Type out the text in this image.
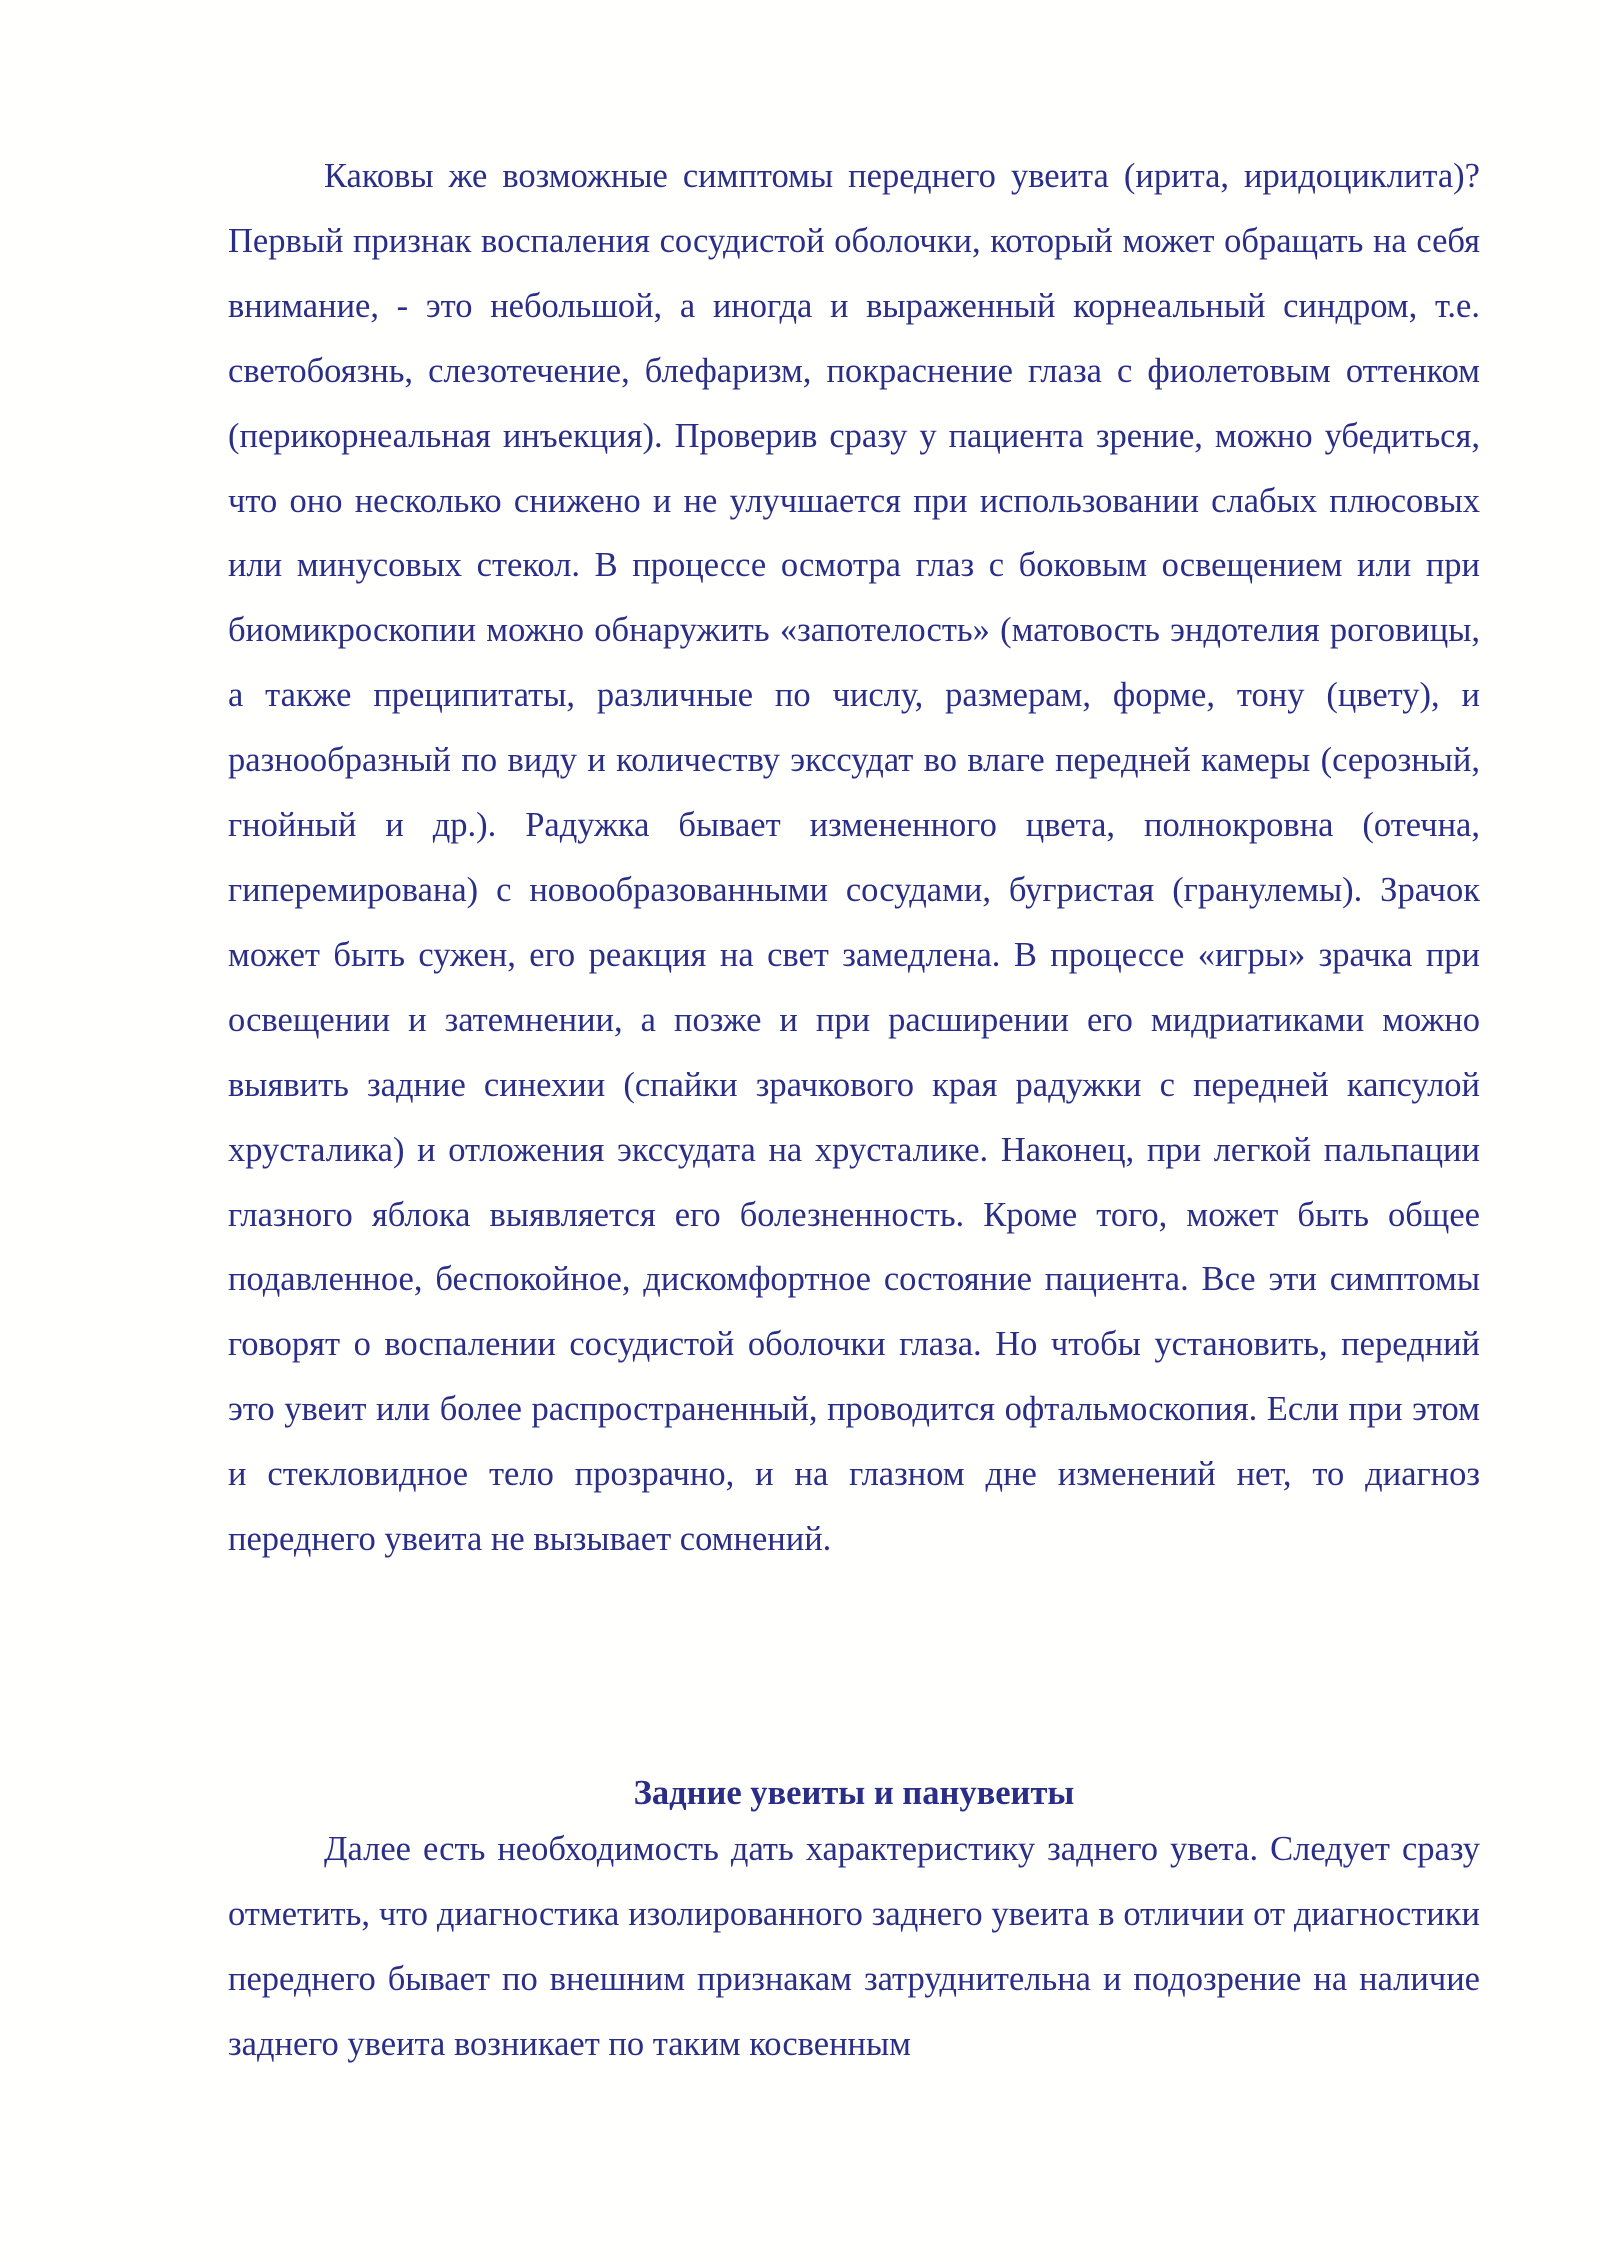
Каковы же возможные симптомы переднего увеита (ирита, иридоциклита)? Первый признак воспаления сосудистой оболочки, который может обращать на себя внимание, - это небольшой, а иногда и выраженный корнеальный синдром, т.е. светобоязнь, слезотечение, блефаризм, покраснение глаза с фиолетовым оттенком (перикорнеальная инъекция). Проверив сразу у пациента зрение, можно убедиться, что оно несколько снижено и не улучшается при использовании слабых плюсовых или минусовых стекол. В процессе осмотра глаз с боковым освещением или при биомикроскопии можно обнаружить «запотелость» (матовость эндотелия роговицы, а также преципитаты, различные по числу, размерам, форме, тону (цвету), и разнообразный по виду и количеству экссудат во влаге передней камеры (серозный, гнойный и др.). Радужка бывает измененного цвета, полнокровна (отечна, гиперемирована) с новообразованными сосудами, бугристая (гранулемы). Зрачок может быть сужен, его реакция на свет замедлена. В процессе «игры» зрачка при освещении и затемнении, а позже и при расширении его мидриатиками можно выявить задние синехии (спайки зрачкового края радужки с передней капсулой хрусталика) и отложения экссудата на хрусталике. Наконец, при легкой пальпации глазного яблока выявляется его болезненность. Кроме того, может быть общее подавленное, беспокойное, дискомфортное состояние пациента. Все эти симптомы говорят о воспалении сосудистой оболочки глаза. Но чтобы установить, передний это увеит или более распространенный, проводится офтальмоскопия. Если при этом и стекловидное тело прозрачно, и на глазном дне изменений нет, то диагноз переднего увеита не вызывает сомнений.

Задние увеиты и панувеиты

Далее есть необходимость дать характеристику заднего увета. Следует сразу отметить, что диагностика изолированного заднего увеита в отличии от диагностики переднего бывает по внешним признакам затруднительна и подозрение на наличие заднего увеита возникает по таким косвенным
